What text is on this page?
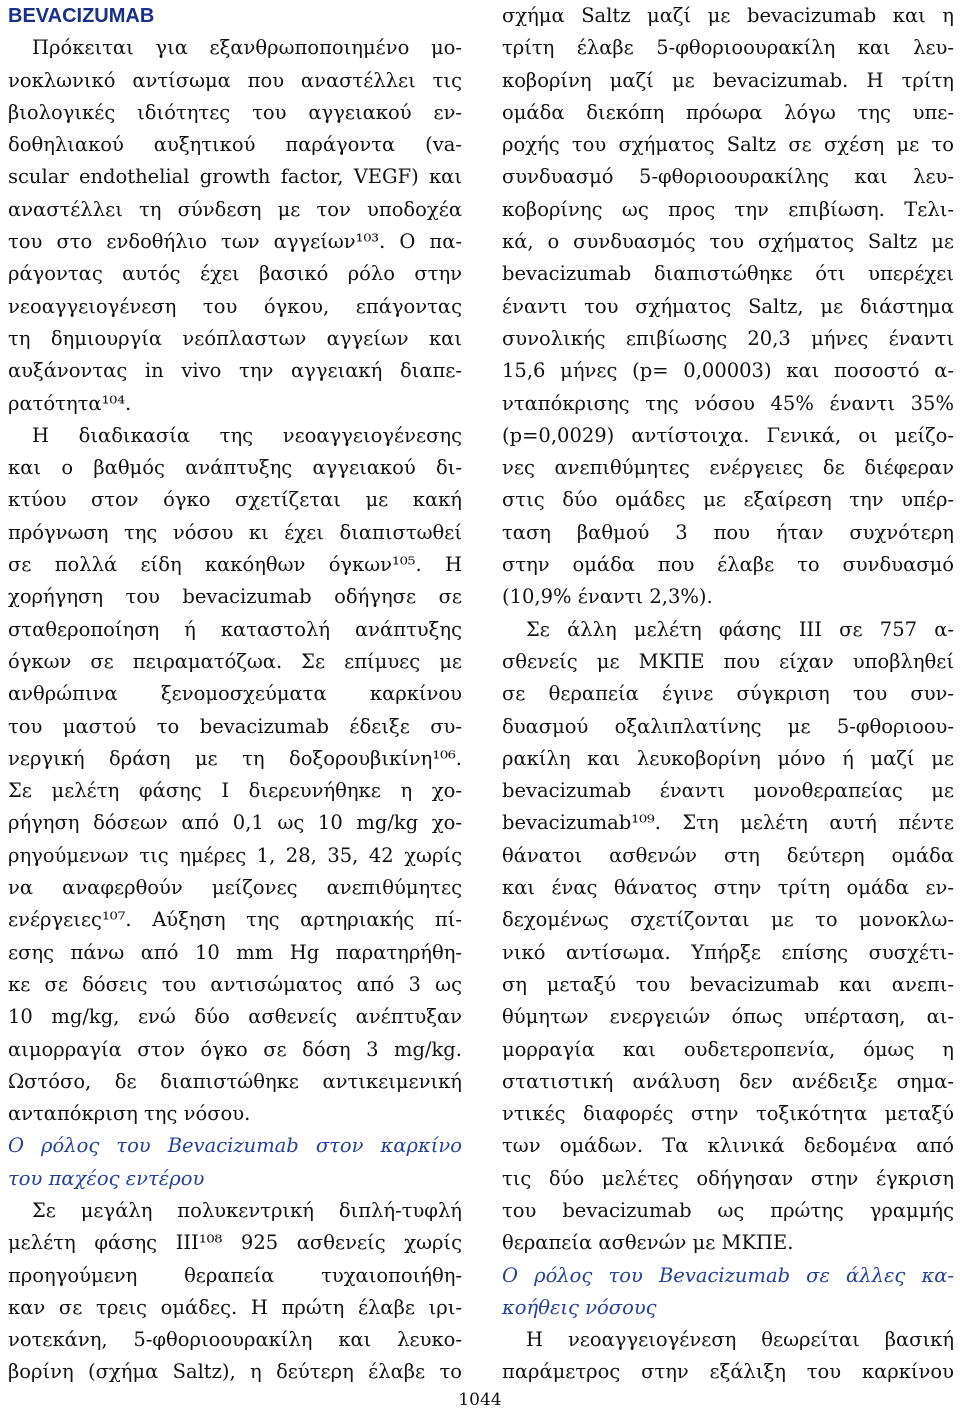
BEVACIZUMAB
Πρόκειται για εξανθρωποποιημένο μο-
νοκλωνικό αντίσωμα που αναστέλλει τις
βιολογικές ιδιότητες του αγγειακού εν-
δοθηλιακού αυξητικού παράγοντα (va-
scular endothelial growth factor, VEGF) και
αναστέλλει τη σύνδεση με τον υποδοχέα
του στο ενδοθήλιο των αγγείων¹⁰³. Ο πα-
ράγοντας αυτός έχει βασικό ρόλο στην
νεοαγγειογένεση του όγκου, επάγοντας
τη δημιουργία νεόπλαστων αγγείων και
αυξάνοντας in vivo την αγγειακή διαπε-
ρατότητα¹⁰⁴.
Η διαδικασία της νεοαγγειογένεσης
και ο βαθμός ανάπτυξης αγγειακού δι-
κτύου στον όγκο σχετίζεται με κακή
πρόγνωση της νόσου κι έχει διαπιστωθεί
σε πολλά είδη κακόηθων όγκων¹⁰⁵. Η
χορήγηση του bevacizumab οδήγησε σε
σταθεροποίηση ή καταστολή ανάπτυξης
όγκων σε πειραματόζωα. Σε επίμυες με
ανθρώπινα ξενομοσχεύματα καρκίνου
του μαστού το bevacizumab έδειξε συ-
νεργική δράση με τη δοξορουβικίνη¹⁰⁶.
Σε μελέτη φάσης I διερευνήθηκε η χο-
ρήγηση δόσεων από 0,1 ως 10 mg/kg χο-
ρηγούμενων τις ημέρες 1, 28, 35, 42 χωρίς
να αναφερθούν μείζονες ανεπιθύμητες
ενέργειες¹⁰⁷. Αύξηση της αρτηριακής πί-
εσης πάνω από 10 mm Hg παρατηρήθη-
κε σε δόσεις του αντισώματος από 3 ως
10 mg/kg, ενώ δύο ασθενείς ανέπτυξαν
αιμορραγία στον όγκο σε δόση 3 mg/kg.
Ωστόσο, δε διαπιστώθηκε αντικειμενική
ανταπόκριση της νόσου.
Ο ρόλος του Bevacizumab στον καρκίνο
του παχέος εντέρου
Σε μεγάλη πολυκεντρική διπλή-τυφλή
μελέτη φάσης III¹⁰⁸ 925 ασθενείς χωρίς
προηγούμενη θεραπεία τυχαιοποιήθη-
καν σε τρεις ομάδες. Η πρώτη έλαβε ιρι-
νοτεκάνη, 5-φθοριοουρακίλη και λευκο-
βορίνη (σχήμα Saltz), η δεύτερη έλαβε το
σχήμα Saltz μαζί με bevacizumab και η
τρίτη έλαβε 5-φθοριοουρακίλη και λευ-
κοβορίνη μαζί με bevacizumab. Η τρίτη
ομάδα διεκόπη πρόωρα λόγω της υπε-
ροχής του σχήματος Saltz σε σχέση με το
συνδυασμό 5-φθοριοουρακίλης και λευ-
κοβορίνης ως προς την επιβίωση. Τελι-
κά, ο συνδυασμός του σχήματος Saltz με
bevacizumab διαπιστώθηκε ότι υπερέχει
έναντι του σχήματος Saltz, με διάστημα
συνολικής επιβίωσης 20,3 μήνες έναντι
15,6 μήνες (p= 0,00003) και ποσοστό α-
νταπόκρισης της νόσου 45% έναντι 35%
(p=0,0029) αντίστοιχα. Γενικά, οι μείζο-
νες ανεπιθύμητες ενέργειες δε διέφεραν
στις δύο ομάδες με εξαίρεση την υπέρ-
ταση βαθμού 3 που ήταν συχνότερη
στην ομάδα που έλαβε το συνδυασμό
(10,9% έναντι 2,3%).
Σε άλλη μελέτη φάσης III σε 757 α-
σθενείς με ΜΚΠΕ που είχαν υποβληθεί
σε θεραπεία έγινε σύγκριση του συν-
δυασμού οξαλιπλατίνης με 5-φθοριοου-
ρακίλη και λευκοβορίνη μόνο ή μαζί με
bevacizumab έναντι μονοθεραπείας με
bevacizumab¹⁰⁹. Στη μελέτη αυτή πέντε
θάνατοι ασθενών στη δεύτερη ομάδα
και ένας θάνατος στην τρίτη ομάδα εν-
δεχομένως σχετίζονται με το μονοκλω-
νικό αντίσωμα. Υπήρξε επίσης συσχέτι-
ση μεταξύ του bevacizumab και ανεπι-
θύμητων ενεργειών όπως υπέρταση, αι-
μορραγία και ουδετεροπενία, όμως η
στατιστική ανάλυση δεν ανέδειξε σημα-
ντικές διαφορές στην τοξικότητα μεταξύ
των ομάδων. Τα κλινικά δεδομένα από
τις δύο μελέτες οδήγησαν στην έγκριση
του bevacizumab ως πρώτης γραμμής
θεραπεία ασθενών με ΜΚΠΕ.
Ο ρόλος του Bevacizumab σε άλλες κα-
κοήθεις νόσους
Η νεοαγγειογένεση θεωρείται βασική
παράμετρος στην εξάλιξη του καρκίνου
1044
